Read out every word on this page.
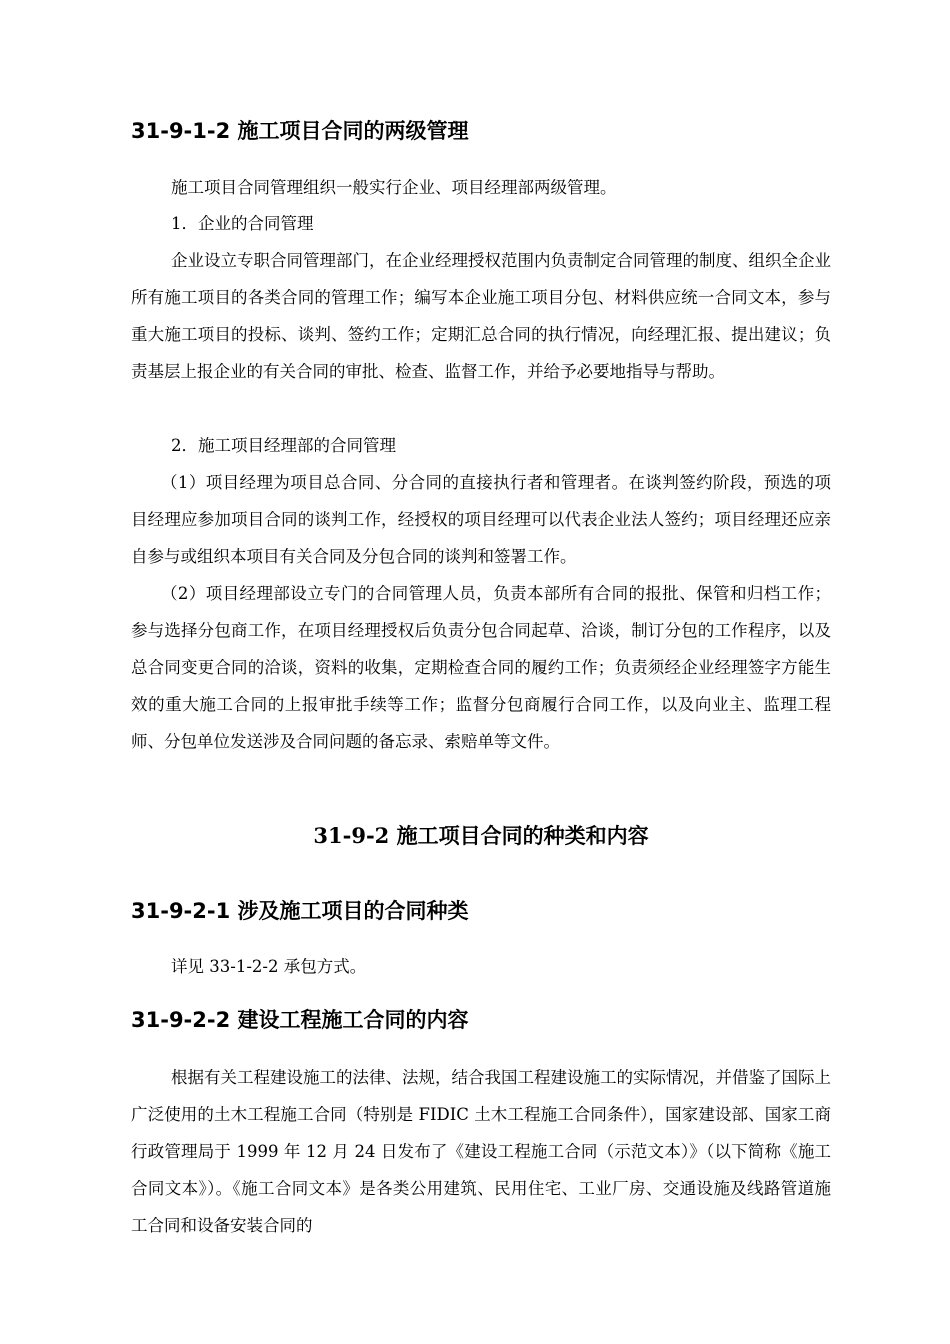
31-9-1-2 施工项目合同的两级管理

施工项目合同管理组织一般实行企业、项目经理部两级管理。

1．企业的合同管理

企业设立专职合同管理部门，在企业经理授权范围内负责制定合同管理的制度、组织全企业所有施工项目的各类合同的管理工作；编写本企业施工项目分包、材料供应统一合同文本，参与重大施工项目的投标、谈判、签约工作；定期汇总合同的执行情况，向经理汇报、提出建议；负责基层上报企业的有关合同的审批、检查、监督工作，并给予必要地指导与帮助。

2．施工项目经理部的合同管理

（1）项目经理为项目总合同、分合同的直接执行者和管理者。在谈判签约阶段，预选的项目经理应参加项目合同的谈判工作，经授权的项目经理可以代表企业法人签约；项目经理还应亲自参与或组织本项目有关合同及分包合同的谈判和签署工作。

（2）项目经理部设立专门的合同管理人员，负责本部所有合同的报批、保管和归档工作；参与选择分包商工作，在项目经理授权后负责分包合同起草、洽谈，制订分包的工作程序，以及总合同变更合同的洽谈，资料的收集，定期检查合同的履约工作；负责须经企业经理签字方能生效的重大施工合同的上报审批手续等工作；监督分包商履行合同工作，以及向业主、监理工程师、分包单位发送涉及合同问题的备忘录、索赔单等文件。

31-9-2 施工项目合同的种类和内容
31-9-2-1 涉及施工项目的合同种类

详见 33-1-2-2 承包方式。

31-9-2-2 建设工程施工合同的内容

根据有关工程建设施工的法律、法规，结合我国工程建设施工的实际情况，并借鉴了国际上广泛使用的土木工程施工合同（特别是 FIDIC 土木工程施工合同条件），国家建设部、国家工商行政管理局于 1999 年 12 月 24 日发布了《建设工程施工合同（示范文本）》（以下简称《施工合同文本》）。《施工合同文本》是各类公用建筑、民用住宅、工业厂房、交通设施及线路管道施工合同和设备安装合同的
